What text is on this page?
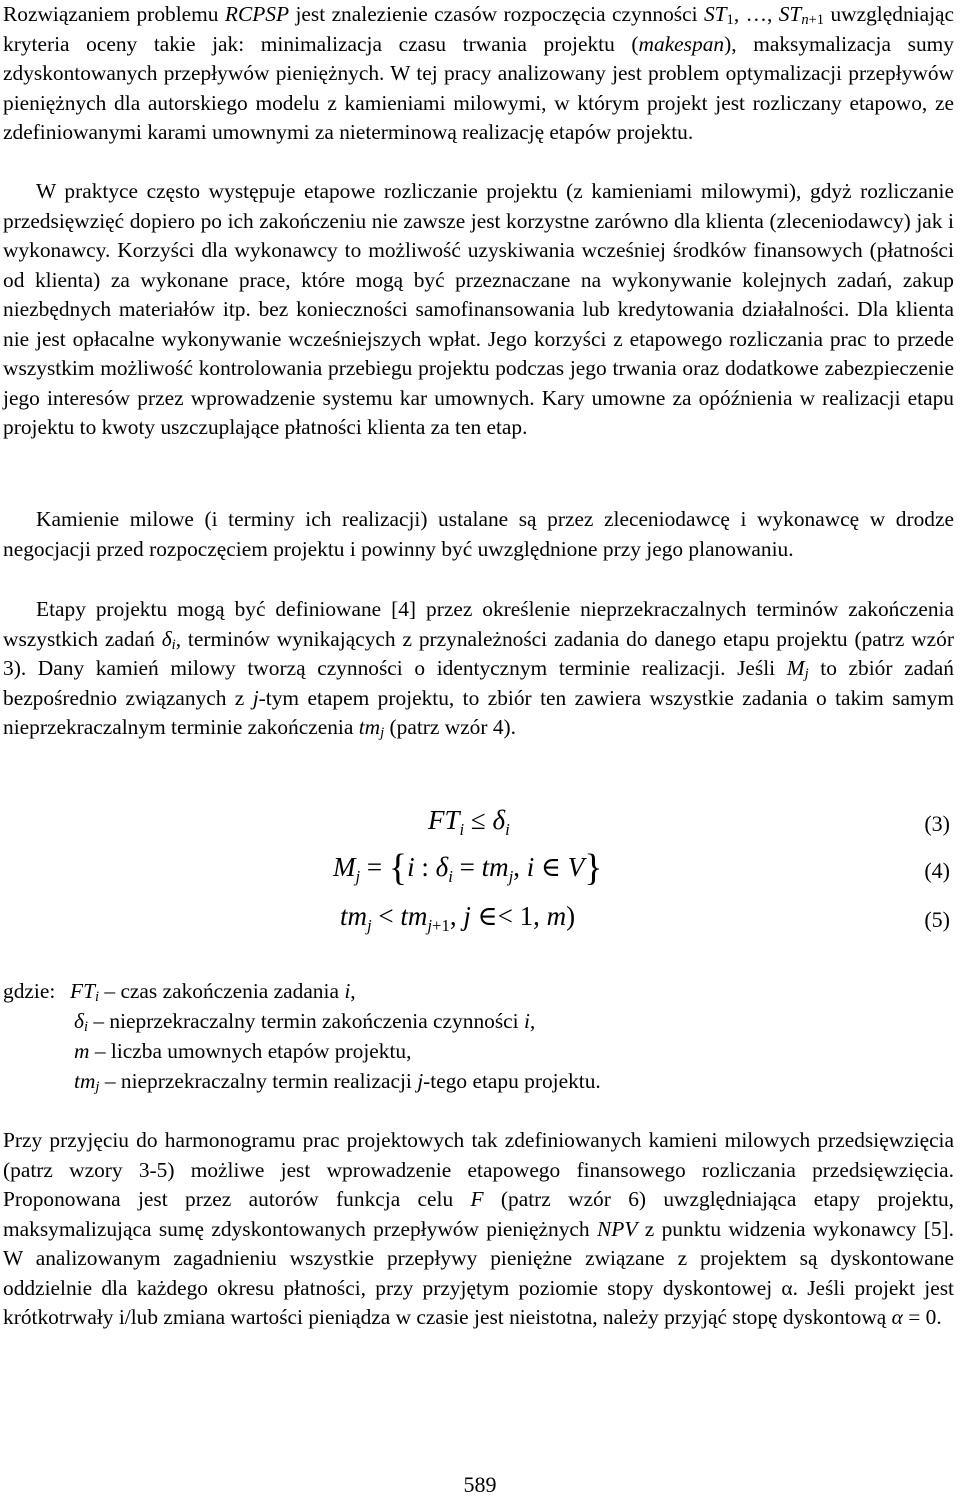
Rozwiązaniem problemu RCPSP jest znalezienie czasów rozpoczęcia czynności $ST_1$, …, $ST_{n+1}$ uwzględniając kryteria oceny takie jak: minimalizacja czasu trwania projektu (makespan), maksymalizacja sumy zdyskontowanych przepływów pieniężnych. W tej pracy analizowany jest problem optymalizacji przepływów pieniężnych dla autorskiego modelu z kamieniami milowymi, w którym projekt jest rozliczany etapowo, ze zdefiniowanymi karami umownymi za nieterminową realizację etapów projektu.

W praktyce często występuje etapowe rozliczanie projektu (z kamieniami milowymi), gdyż rozliczanie przedsięwzięć dopiero po ich zakończeniu nie zawsze jest korzystne zarówno dla klienta (zleceniodawcy) jak i wykonawcy. Korzyści dla wykonawcy to możliwość uzyskiwania wcześniej środków finansowych (płatności od klienta) za wykonane prace, które mogą być przeznaczane na wykonywanie kolejnych zadań, zakup niezbędnych materiałów itp. bez konieczności samofinansowania lub kredytowania działalności. Dla klienta nie jest opłacalne wykonywanie wcześniejszych wpłat. Jego korzyści z etapowego rozliczania prac to przede wszystkim możliwość kontrolowania przebiegu projektu podczas jego trwania oraz dodatkowe zabezpieczenie jego interesów przez wprowadzenie systemu kar umownych. Kary umowne za opóźnienia w realizacji etapu projektu to kwoty uszczuplające płatności klienta za ten etap.

Kamienie milowe (i terminy ich realizacji) ustalane są przez zleceniodawcę i wykonawcę w drodze negocjacji przed rozpoczęciem projektu i powinny być uwzględnione przy jego planowaniu.

Etapy projektu mogą być definiowane [4] przez określenie nieprzekraczalnych terminów zakończenia wszystkich zadań $\delta_i$, terminów wynikających z przynależności zadania do danego etapu projektu (patrz wzór 3). Dany kamień milowy tworzą czynności o identycznym terminie realizacji. Jeśli $M_j$ to zbiór zadań bezpośrednio związanych z j-tym etapem projektu, to zbiór ten zawiera wszystkie zadania o takim samym nieprzekraczalnym terminie zakończenia $tm_j$ (patrz wzór 4).

$FT_i \le \delta_i$	(3)
$M_j = \{i$ : $\delta_i = tm_j$, i ∈ V}	(4)
$tm_j < tm_{j+1}$, j ∈< 1, m)	(5)
gdzie: $FT_i$ – czas zakończenia zadania i,
$\delta_i$ – nieprzekraczalny termin zakończenia czynności i,
m – liczba umownych etapów projektu,
$tm_j$ – nieprzekraczalny termin realizacji j-tego etapu projektu.

Przy przyjęciu do harmonogramu prac projektowych tak zdefiniowanych kamieni milowych przedsięwzięcia (patrz wzory 3-5) możliwe jest wprowadzenie etapowego finansowego rozliczania przedsięwzięcia. Proponowana jest przez autorów funkcja celu F (patrz wzór 6) uwzględniająca etapy projektu, maksymalizująca sumę zdyskontowanych przepływów pieniężnych NPV z punktu widzenia wykonawcy [5]. W analizowanym zagadnieniu wszystkie przepływy pieniężne związane z projektem są dyskontowane oddzielnie dla każdego okresu płatności, przy przyjętym poziomie stopy dyskontowej α. Jeśli projekt jest krótkotrwały i/lub zmiana wartości pieniądza w czasie jest nieistotna, należy przyjąć stopę dyskontową α = 0.

589
